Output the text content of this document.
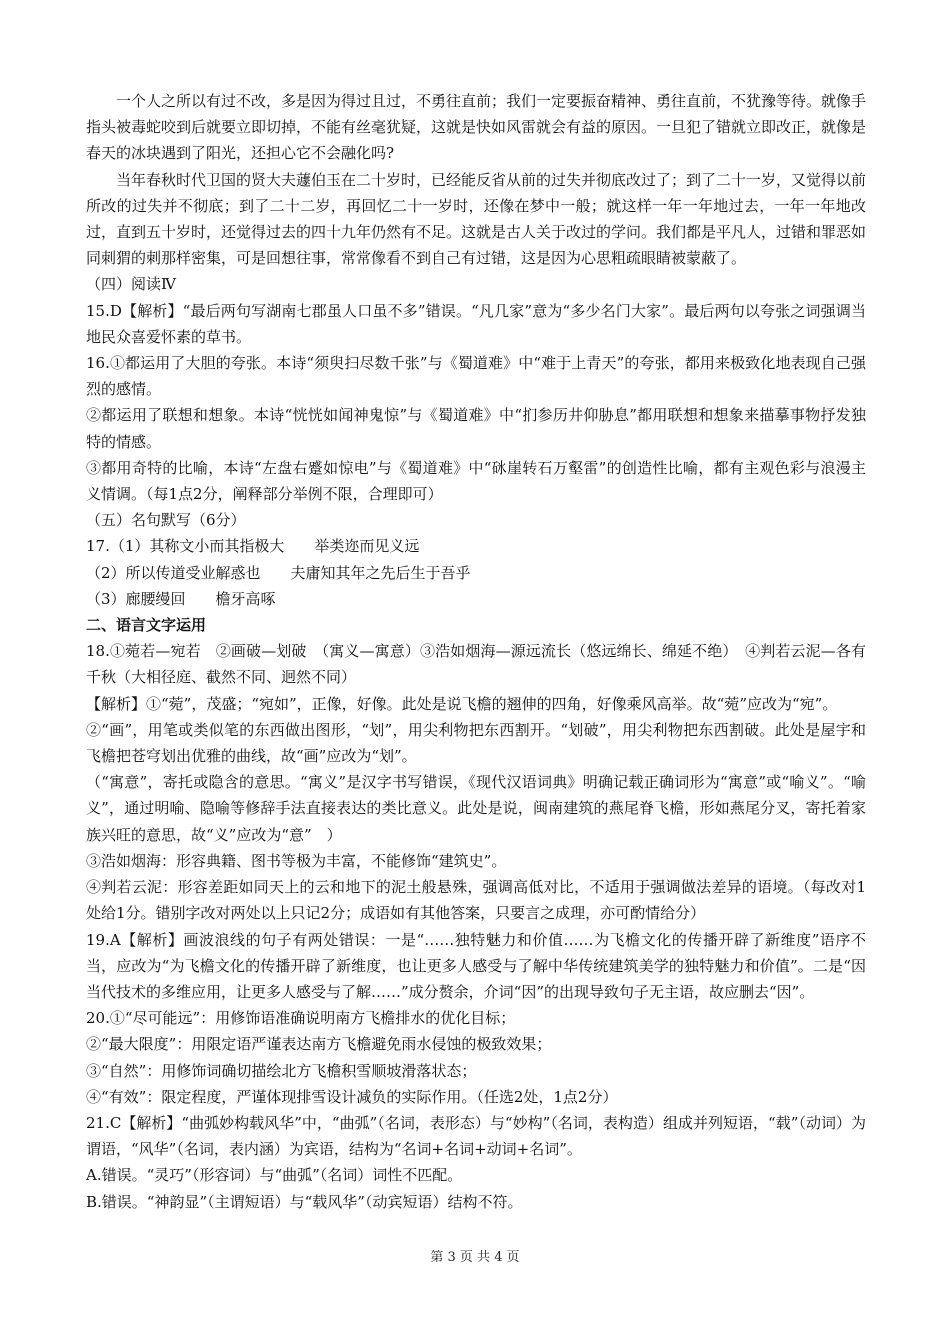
一个人之所以有过不改，多是因为得过且过，不勇往直前；我们一定要振奋精神、勇往直前，不犹豫等待。就像手指头被毒蛇咬到后就要立即切掉，不能有丝毫犹疑，这就是快如风雷就会有益的原因。一旦犯了错就立即改正，就像是春天的冰块遇到了阳光，还担心它不会融化吗?

当年春秋时代卫国的贤大夫蘧伯玉在二十岁时，已经能反省从前的过失并彻底改过了；到了二十一岁，又觉得以前所改的过失并不彻底；到了二十二岁，再回忆二十一岁时，还像在梦中一般；就这样一年一年地过去，一年一年地改过，直到五十岁时，还觉得过去的四十九年仍然有不足。这就是古人关于改过的学问。我们都是平凡人，过错和罪恶如同刺猬的刺那样密集，可是回想往事，常常像看不到自己有过错，这是因为心思粗疏眼睛被蒙蔽了。

（四）阅读Ⅳ

15.D【解析】“最后两句写湖南七郡虽人口虽不多”错误。“凡几家”意为“多少名门大家”。最后两句以夸张之词强调当地民众喜爱怀素的草书。

16.①都运用了大胆的夸张。本诗“须臾扫尽数千张”与《蜀道难》中“难于上青天”的夸张，都用来极致化地表现自己强烈的感情。

②都运用了联想和想象。本诗“恍恍如闻神鬼惊”与《蜀道难》中“扪参历井仰胁息”都用联想和想象来描摹事物抒发独特的情感。

③都用奇特的比喻，本诗“左盘右蹙如惊电”与《蜀道难》中“砯崖转石万壑雷”的创造性比喻，都有主观色彩与浪漫主义情调。（每1点2分，阐释部分举例不限，合理即可）

（五）名句默写（6分）

17.（1）其称文小而其指极大　　举类迩而见义远

（2）所以传道受业解惑也　　夫庸知其年之先后生于吾乎

（3）廊腰缦回　　檐牙高啄

二、语言文字运用

18.①菀若—宛若　②画破—划破　（寓义—寓意）③浩如烟海—源远流长（悠远绵长、绵延不绝）　④判若云泥—各有千秋（大相径庭、截然不同、迥然不同）

【解析】①“菀”，茂盛；“宛如”，正像，好像。此处是说飞檐的翘伸的四角，好像乘风高举。故“菀”应改为“宛”。

②“画”，用笔或类似笔的东西做出图形，“划”，用尖利物把东西割开。“划破”，用尖利物把东西割破。此处是屋宇和飞檐把苍穹划出优雅的曲线，故“画”应改为“划”。

（“寓意”，寄托或隐含的意思。“寓义”是汉字书写错误，《现代汉语词典》明确记载正确词形为“寓意”或“喻义”。“喻义”，通过明喻、隐喻等修辞手法直接表达的类比意义。此处是说，闽南建筑的燕尾脊飞檐，形如燕尾分叉，寄托着家族兴旺的意思，故“义”应改为“意”　）

③浩如烟海：形容典籍、图书等极为丰富，不能修饰“建筑史”。

④判若云泥：形容差距如同天上的云和地下的泥土般悬殊，强调高低对比，不适用于强调做法差异的语境。（每改对1处给1分。错别字改对两处以上只记2分；成语如有其他答案，只要言之成理，亦可酌情给分）

19.A【解析】画波浪线的句子有两处错误：一是“……独特魅力和价值……为飞檐文化的传播开辟了新维度”语序不当，应改为“为飞檐文化的传播开辟了新维度，也让更多人感受与了解中华传统建筑美学的独特魅力和价值”。二是“因当代技术的多维应用，让更多人感受与了解……”成分赘余，介词“因”的出现导致句子无主语，故应删去“因”。

20.①“尽可能远”：用修饰语准确说明南方飞檐排水的优化目标；

②“最大限度”：用限定语严谨表达南方飞檐避免雨水侵蚀的极致效果；

③“自然”：用修饰词确切描绘北方飞檐积雪顺坡滑落状态；

④“有效”：限定程度，严谨体现排雪设计减负的实际作用。（任选2处，1点2分）

21.C【解析】“曲弧妙构载风华”中，“曲弧”（名词，表形态）与“妙构”（名词，表构造）组成并列短语，“载”（动词）为谓语，“风华”（名词，表内涵）为宾语，结构为“名词+名词+动词+名词”。

A.错误。“灵巧”（形容词）与“曲弧”（名词）词性不匹配。

B.错误。“神韵显”（主谓短语）与“载风华”（动宾短语）结构不符。

第 3 页 共 4 页
